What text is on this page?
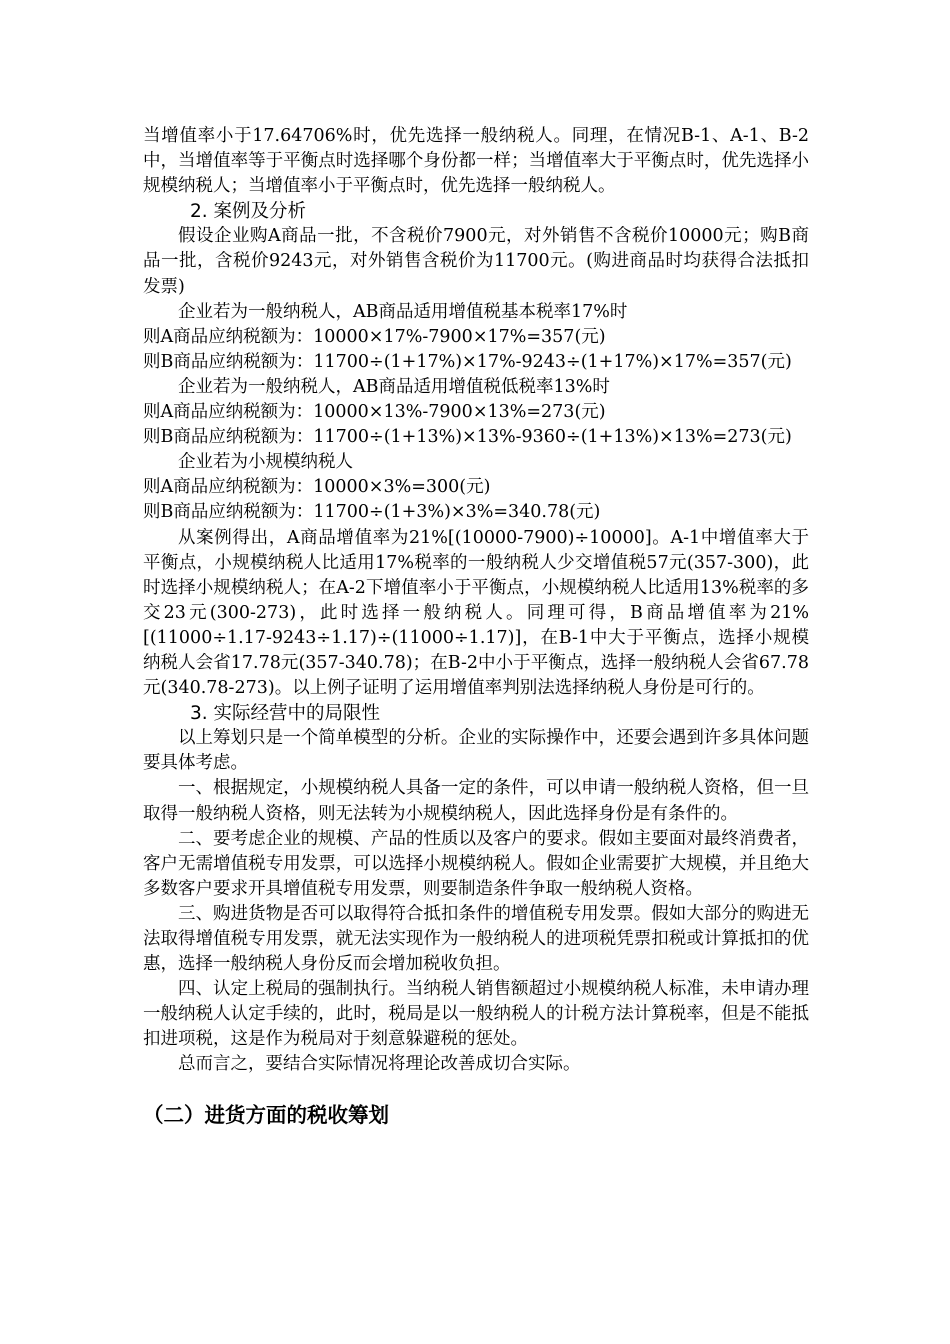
当增值率小于17.64706%时，优先选择一般纳税人。同理，在情况B-1、A-1、B-2中，当增值率等于平衡点时选择哪个身份都一样；当增值率大于平衡点时，优先选择小规模纳税人；当增值率小于平衡点时，优先选择一般纳税人。

2. 案例及分析

假设企业购A商品一批，不含税价7900元，对外销售不含税价10000元；购B商品一批，含税价9243元，对外销售含税价为11700元。(购进商品时均获得合法抵扣发票)

企业若为一般纳税人，AB商品适用增值税基本税率17%时

则A商品应纳税额为：10000×17%-7900×17%=357(元)

则B商品应纳税额为：11700÷(1+17%)×17%-9243÷(1+17%)×17%=357(元)

企业若为一般纳税人，AB商品适用增值税低税率13%时

则A商品应纳税额为：10000×13%-7900×13%=273(元)

则B商品应纳税额为：11700÷(1+13%)×13%-9360÷(1+13%)×13%=273(元)

企业若为小规模纳税人

则A商品应纳税额为：10000×3%=300(元)

则B商品应纳税额为：11700÷(1+3%)×3%=340.78(元)

从案例得出，A商品增值率为21%[(10000-7900)÷10000]。A-1中增值率大于平衡点，小规模纳税人比适用17%税率的一般纳税人少交增值税57元(357-300)，此时选择小规模纳税人；在A-2下增值率小于平衡点，小规模纳税人比适用13%税率的多交23元(300-273)，此时选择一般纳税人。同理可得，B商品增值率为21%[(11000÷1.17-9243÷1.17)÷(11000÷1.17)]，在B-1中大于平衡点，选择小规模纳税人会省17.78元(357-340.78)；在B-2中小于平衡点，选择一般纳税人会省67.78元(340.78-273)。以上例子证明了运用增值率判别法选择纳税人身份是可行的。

3. 实际经营中的局限性

以上筹划只是一个简单模型的分析。企业的实际操作中，还要会遇到许多具体问题要具体考虑。

一、根据规定，小规模纳税人具备一定的条件，可以申请一般纳税人资格，但一旦取得一般纳税人资格，则无法转为小规模纳税人，因此选择身份是有条件的。

二、要考虑企业的规模、产品的性质以及客户的要求。假如主要面对最终消费者，客户无需增值税专用发票，可以选择小规模纳税人。假如企业需要扩大规模，并且绝大多数客户要求开具增值税专用发票，则要制造条件争取一般纳税人资格。

三、购进货物是否可以取得符合抵扣条件的增值税专用发票。假如大部分的购进无法取得增值税专用发票，就无法实现作为一般纳税人的进项税凭票扣税或计算抵扣的优惠，选择一般纳税人身份反而会增加税收负担。

四、认定上税局的强制执行。当纳税人销售额超过小规模纳税人标准，未申请办理一般纳税人认定手续的，此时，税局是以一般纳税人的计税方法计算税率，但是不能抵扣进项税，这是作为税局对于刻意躲避税的惩处。

总而言之，要结合实际情况将理论改善成切合实际。

（二）进货方面的税收筹划
